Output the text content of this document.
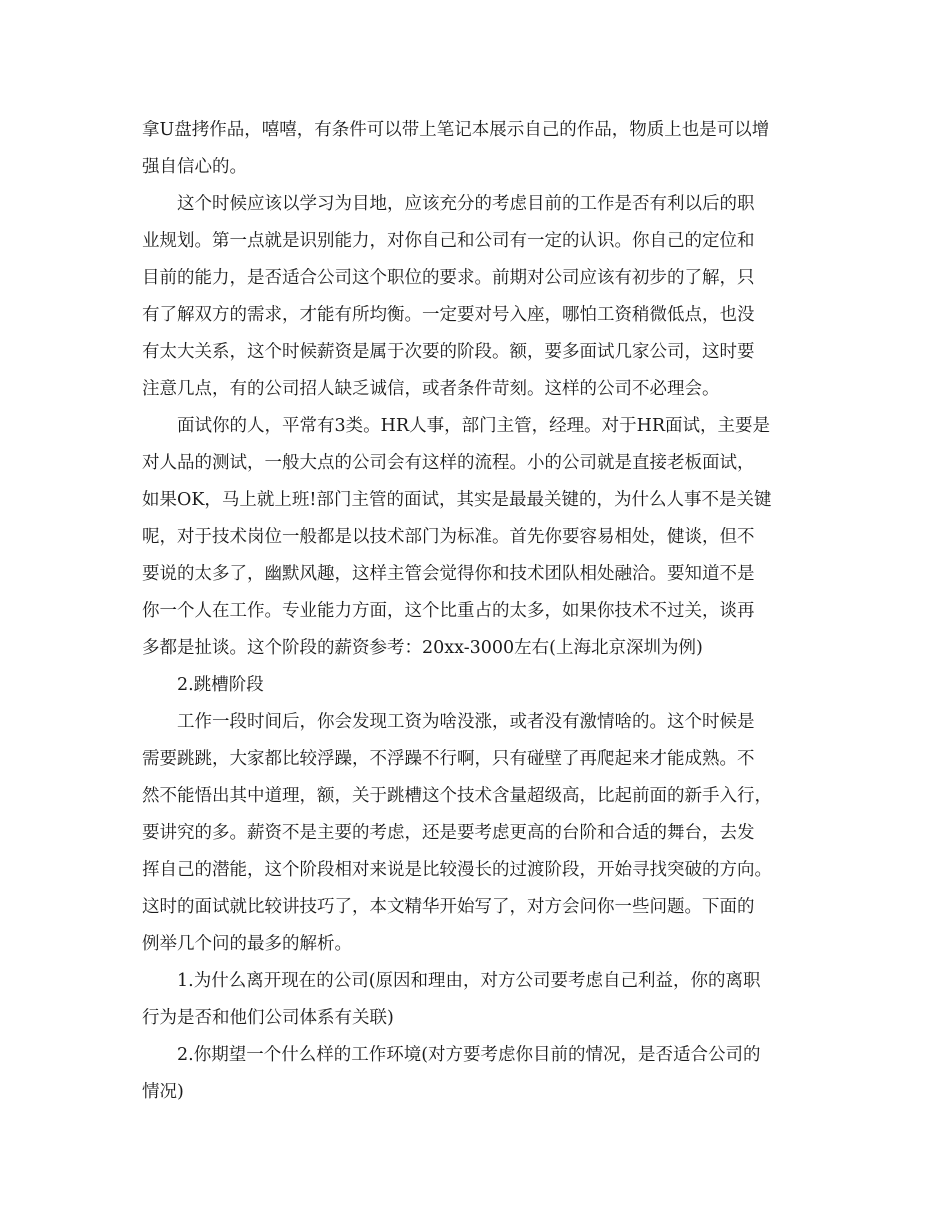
拿U盘拷作品，嘻嘻，有条件可以带上笔记本展示自己的作品，物质上也是可以增
强自信心的。
这个时候应该以学习为目地，应该充分的考虑目前的工作是否有利以后的职
业规划。第一点就是识别能力，对你自己和公司有一定的认识。你自己的定位和
目前的能力，是否适合公司这个职位的要求。前期对公司应该有初步的了解，只
有了解双方的需求，才能有所均衡。一定要对号入座，哪怕工资稍微低点，也没
有太大关系，这个时候薪资是属于次要的阶段。额，要多面试几家公司，这时要
注意几点，有的公司招人缺乏诚信，或者条件苛刻。这样的公司不必理会。
面试你的人，平常有3类。HR人事，部门主管，经理。对于HR面试，主要是
对人品的测试，一般大点的公司会有这样的流程。小的公司就是直接老板面试，
如果OK，马上就上班!部门主管的面试，其实是最最关键的，为什么人事不是关键
呢，对于技术岗位一般都是以技术部门为标准。首先你要容易相处，健谈，但不
要说的太多了，幽默风趣，这样主管会觉得你和技术团队相处融洽。要知道不是
你一个人在工作。专业能力方面，这个比重占的太多，如果你技术不过关，谈再
多都是扯谈。这个阶段的薪资参考：20xx-3000左右(上海北京深圳为例)
2.跳槽阶段
工作一段时间后，你会发现工资为啥没涨，或者没有激情啥的。这个时候是
需要跳跳，大家都比较浮躁，不浮躁不行啊，只有碰壁了再爬起来才能成熟。不
然不能悟出其中道理，额，关于跳槽这个技术含量超级高，比起前面的新手入行，
要讲究的多。薪资不是主要的考虑，还是要考虑更高的台阶和合适的舞台，去发
挥自己的潜能，这个阶段相对来说是比较漫长的过渡阶段，开始寻找突破的方向。
这时的面试就比较讲技巧了，本文精华开始写了，对方会问你一些问题。下面的
例举几个问的最多的解析。
1.为什么离开现在的公司(原因和理由，对方公司要考虑自己利益，你的离职
行为是否和他们公司体系有关联)
2.你期望一个什么样的工作环境(对方要考虑你目前的情况，是否适合公司的
情况)
